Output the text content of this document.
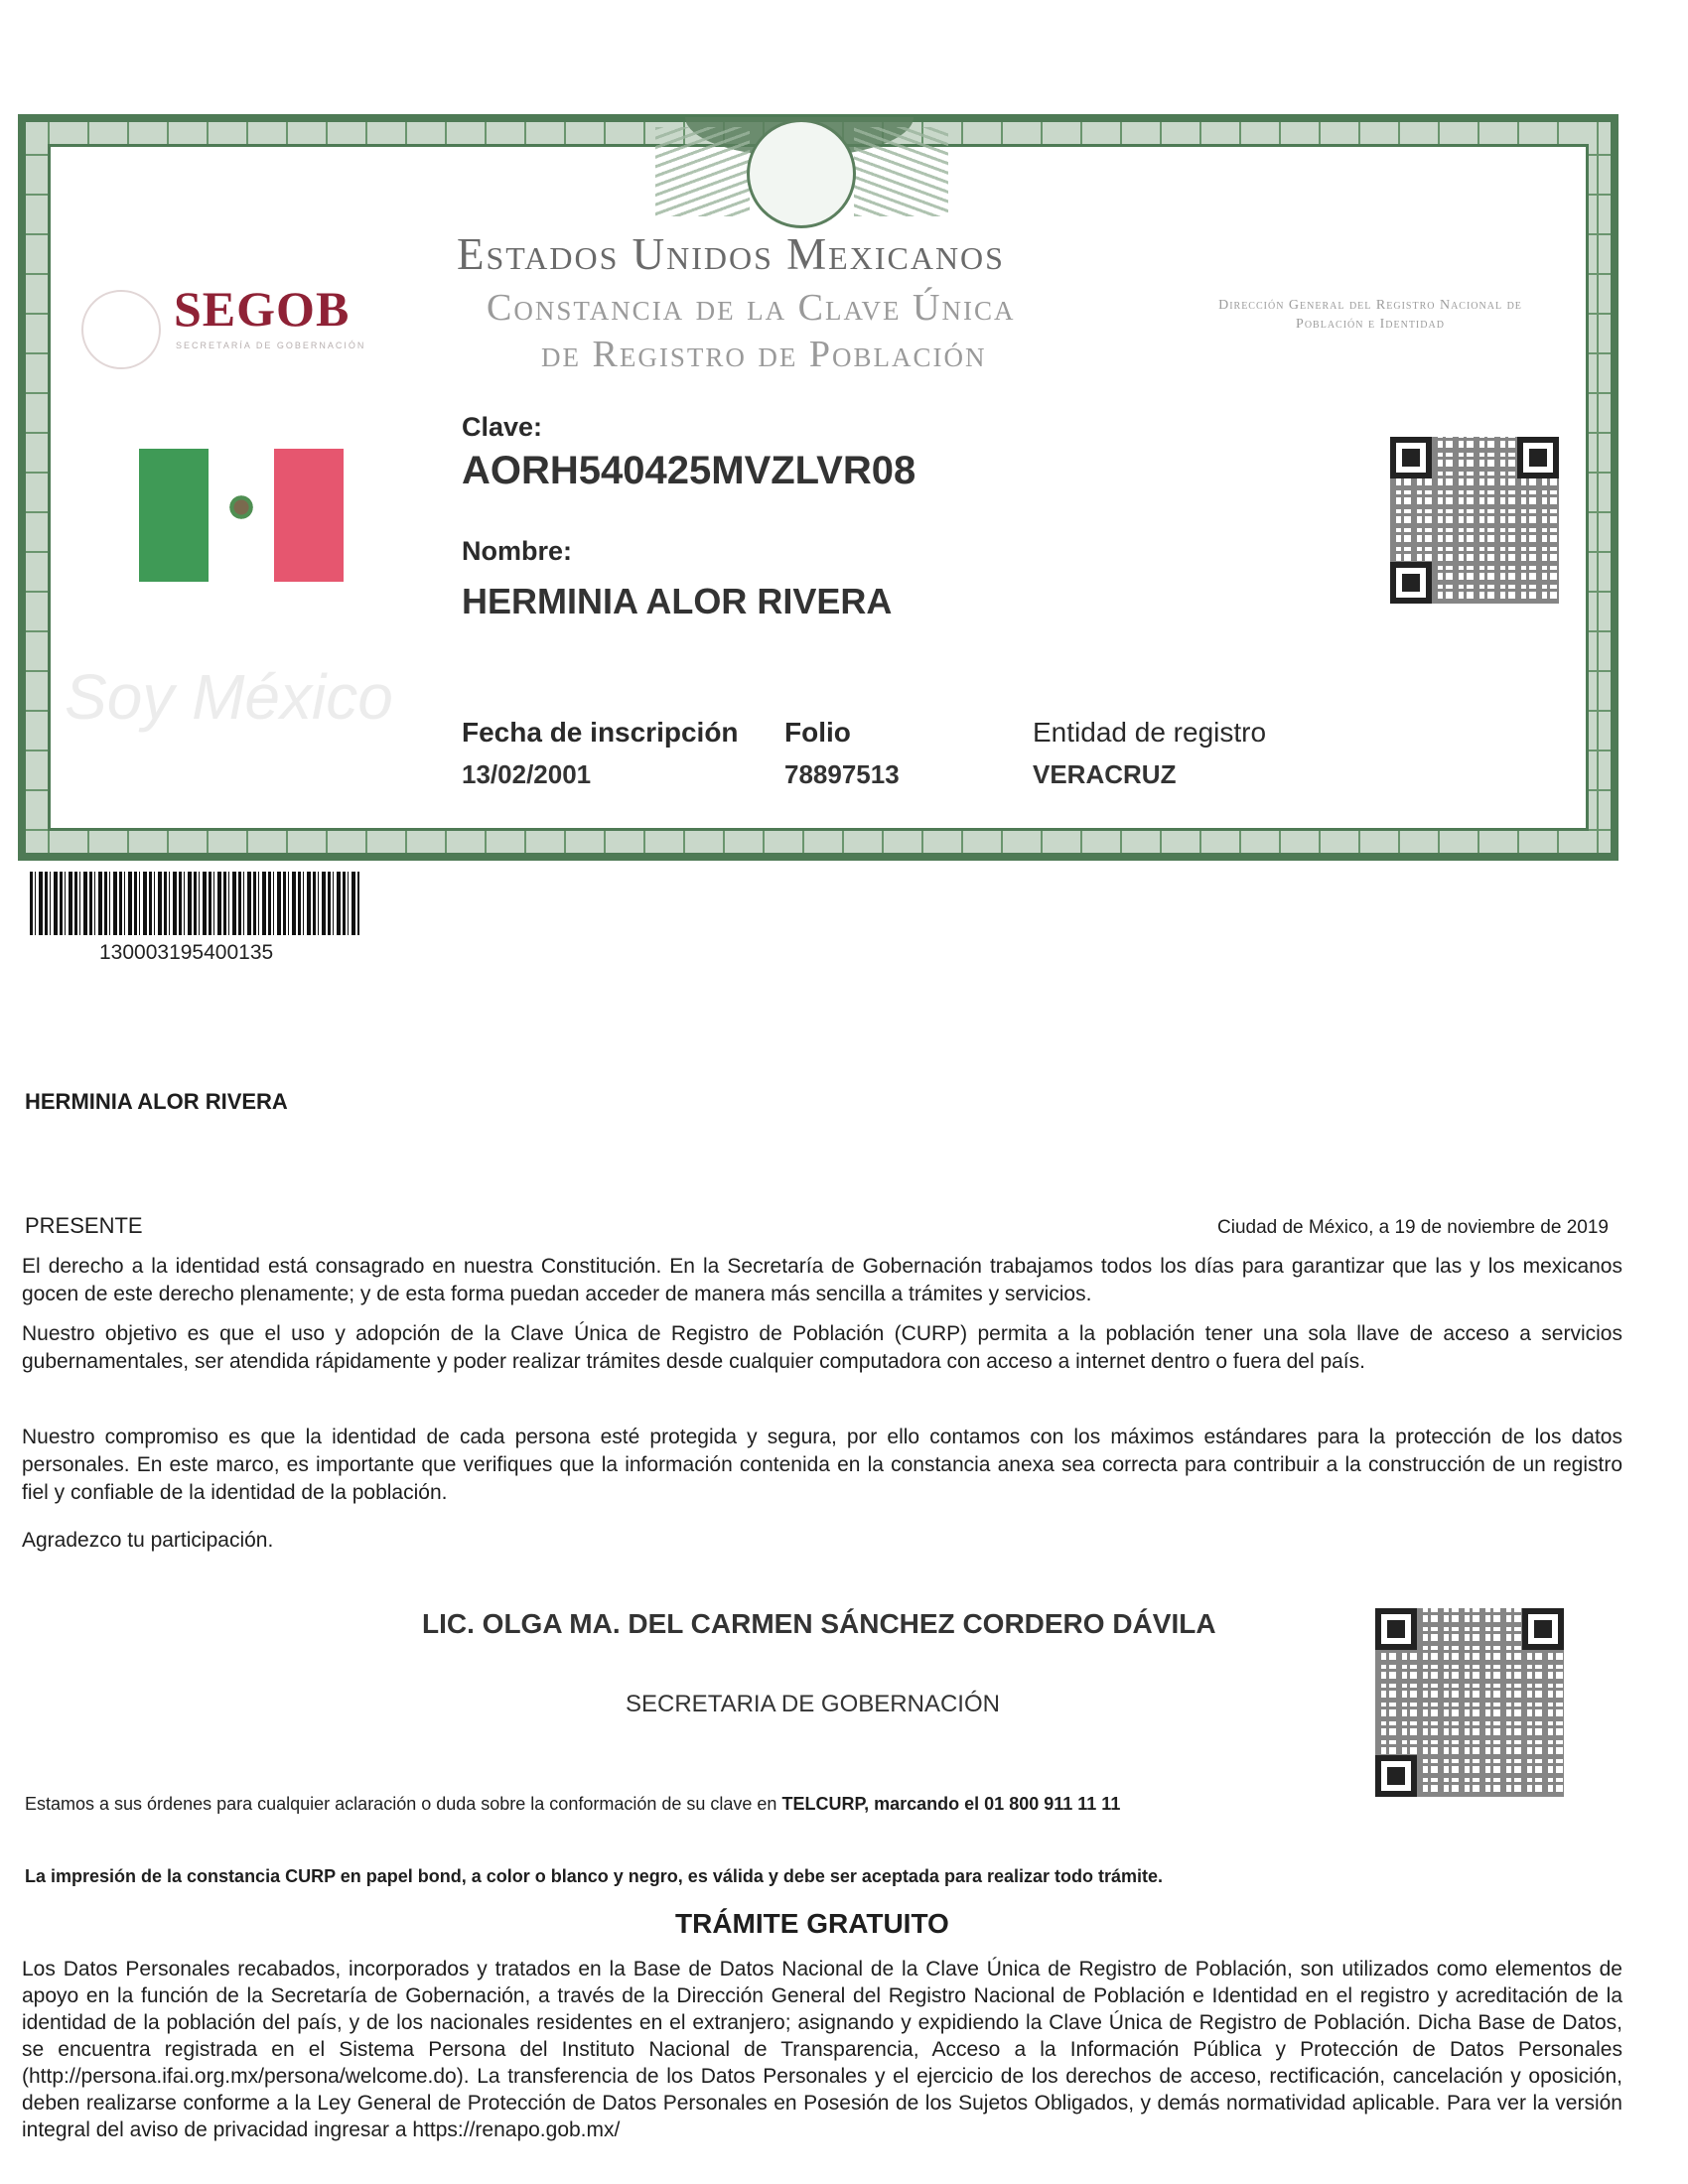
SEGOB
SECRETARÍA DE GOBERNACIÓN
Estados Unidos Mexicanos
Constancia de la Clave Única
de Registro de Población
Dirección General del Registro Nacional de Población e Identidad
Soy México
Clave:
AORH540425MVZLVR08
Nombre:
HERMINIA ALOR RIVERA
Fecha de inscripción
13/02/2001
Folio
78897513
Entidad de registro
VERACRUZ
130003195400135
HERMINIA ALOR RIVERA
PRESENTE	Ciudad de México, a 19 de noviembre de 2019
El derecho a la identidad está consagrado en nuestra Constitución. En la Secretaría de Gobernación trabajamos todos los días para garantizar que las y los mexicanos gocen de este derecho plenamente; y de esta forma puedan acceder de manera más sencilla a trámites y servicios.
Nuestro objetivo es que el uso y adopción de la Clave Única de Registro de Población (CURP) permita a la población tener una sola llave de acceso a servicios gubernamentales, ser atendida rápidamente y poder realizar trámites desde cualquier computadora con acceso a internet dentro o fuera del país.
Nuestro compromiso es que la identidad de cada persona esté protegida y segura, por ello contamos con los máximos estándares para la protección de los datos personales. En este marco, es importante que verifiques que la información contenida en la constancia anexa sea correcta para contribuir a la construcción de un registro fiel y confiable de la identidad de la población.
Agradezco tu participación.
LIC. OLGA MA. DEL CARMEN SÁNCHEZ CORDERO DÁVILA
SECRETARIA DE GOBERNACIÓN
Estamos a sus órdenes para cualquier aclaración o duda sobre la conformación de su clave en TELCURP, marcando el 01 800 911 11 11
La impresión de la constancia CURP en papel bond, a color o blanco y negro, es válida y debe ser aceptada para realizar todo trámite.
TRÁMITE GRATUITO
Los Datos Personales recabados, incorporados y tratados en la Base de Datos Nacional de la Clave Única de Registro de Población, son utilizados como elementos de apoyo en la función de la Secretaría de Gobernación, a través de la Dirección General del Registro Nacional de Población e Identidad en el registro y acreditación de la identidad de la población del país, y de los nacionales residentes en el extranjero; asignando y expidiendo la Clave Única de Registro de Población. Dicha Base de Datos, se encuentra registrada en el Sistema Persona del Instituto Nacional de Transparencia, Acceso a la Información Pública y Protección de Datos Personales (http://persona.ifai.org.mx/persona/welcome.do). La transferencia de los Datos Personales y el ejercicio de los derechos de acceso, rectificación, cancelación y oposición, deben realizarse conforme a la Ley General de Protección de Datos Personales en Posesión de los Sujetos Obligados, y demás normatividad aplicable. Para ver la versión integral del aviso de privacidad ingresar a https://renapo.gob.mx/
